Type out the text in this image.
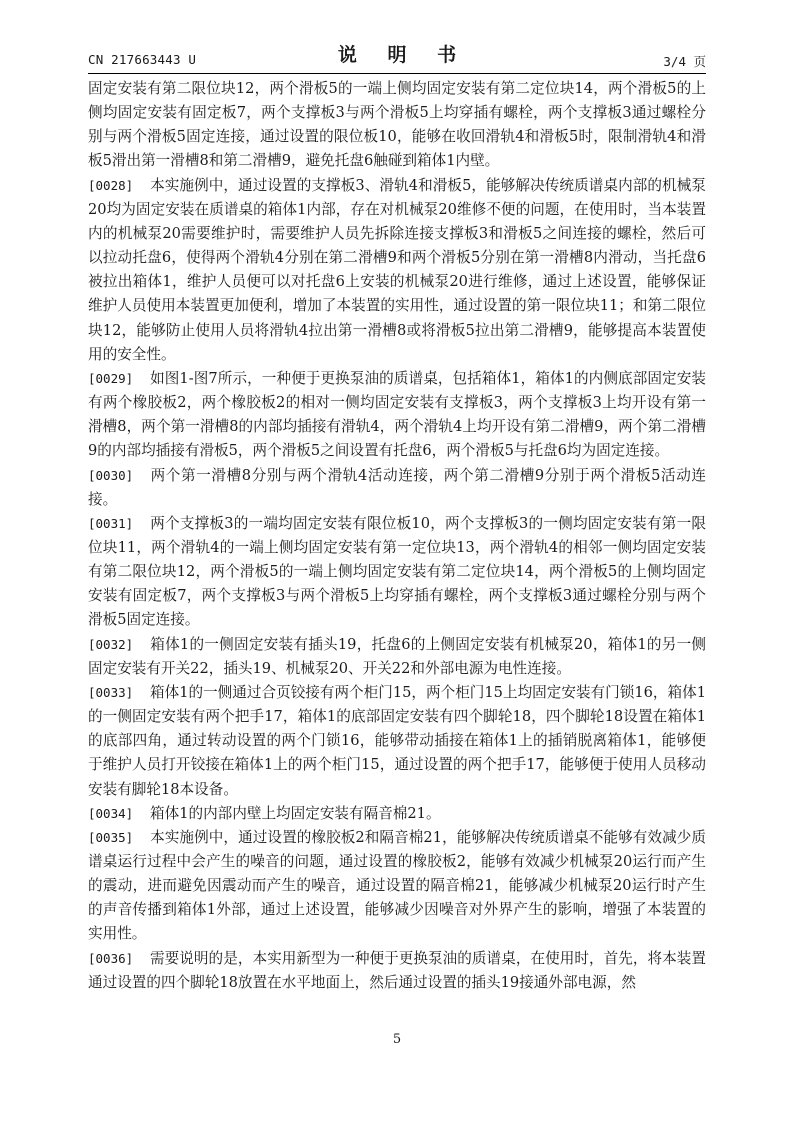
CN 217663443 U	说 明 书	3/4 页

固定安装有第二限位块12，两个滑板5的一端上侧均固定安装有第二定位块14，两个滑板5的上侧均固定安装有固定板7，两个支撑板3与两个滑板5上均穿插有螺栓，两个支撑板3通过螺栓分别与两个滑板5固定连接，通过设置的限位板10，能够在收回滑轨4和滑板5时，限制滑轨4和滑板5滑出第一滑槽8和第二滑槽9，避免托盘6触碰到箱体1内壁。

[0028] 本实施例中，通过设置的支撑板3、滑轨4和滑板5，能够解决传统质谱桌内部的机械泵20均为固定安装在质谱桌的箱体1内部，存在对机械泵20维修不便的问题，在使用时，当本装置内的机械泵20需要维护时，需要维护人员先拆除连接支撑板3和滑板5之间连接的螺栓，然后可以拉动托盘6，使得两个滑轨4分别在第二滑槽9和两个滑板5分别在第一滑槽8内滑动，当托盘6被拉出箱体1，维护人员便可以对托盘6上安装的机械泵20进行维修，通过上述设置，能够保证维护人员使用本装置更加便利，增加了本装置的实用性，通过设置的第一限位块11；和第二限位块12，能够防止使用人员将滑轨4拉出第一滑槽8或将滑板5拉出第二滑槽9，能够提高本装置使用的安全性。

[0029] 如图1-图7所示，一种便于更换泵油的质谱桌，包括箱体1，箱体1的内侧底部固定安装有两个橡胶板2，两个橡胶板2的相对一侧均固定安装有支撑板3，两个支撑板3上均开设有第一滑槽8，两个第一滑槽8的内部均插接有滑轨4，两个滑轨4上均开设有第二滑槽9，两个第二滑槽9的内部均插接有滑板5，两个滑板5之间设置有托盘6，两个滑板5与托盘6均为固定连接。

[0030] 两个第一滑槽8分别与两个滑轨4活动连接，两个第二滑槽9分别于两个滑板5活动连接。

[0031] 两个支撑板3的一端均固定安装有限位板10，两个支撑板3的一侧均固定安装有第一限位块11，两个滑轨4的一端上侧均固定安装有第一定位块13，两个滑轨4的相邻一侧均固定安装有第二限位块12，两个滑板5的一端上侧均固定安装有第二定位块14，两个滑板5的上侧均固定安装有固定板7，两个支撑板3与两个滑板5上均穿插有螺栓，两个支撑板3通过螺栓分别与两个滑板5固定连接。

[0032] 箱体1的一侧固定安装有插头19，托盘6的上侧固定安装有机械泵20，箱体1的另一侧固定安装有开关22，插头19、机械泵20、开关22和外部电源为电性连接。

[0033] 箱体1的一侧通过合页铰接有两个柜门15，两个柜门15上均固定安装有门锁16，箱体1的一侧固定安装有两个把手17，箱体1的底部固定安装有四个脚轮18，四个脚轮18设置在箱体1的底部四角，通过转动设置的两个门锁16，能够带动插接在箱体1上的插销脱离箱体1，能够便于维护人员打开铰接在箱体1上的两个柜门15，通过设置的两个把手17，能够便于使用人员移动安装有脚轮18本设备。

[0034] 箱体1的内部内壁上均固定安装有隔音棉21。

[0035] 本实施例中，通过设置的橡胶板2和隔音棉21，能够解决传统质谱桌不能够有效减少质谱桌运行过程中会产生的噪音的问题，通过设置的橡胶板2，能够有效减少机械泵20运行而产生的震动，进而避免因震动而产生的噪音，通过设置的隔音棉21，能够减少机械泵20运行时产生的声音传播到箱体1外部，通过上述设置，能够减少因噪音对外界产生的影响，增强了本装置的实用性。

[0036] 需要说明的是，本实用新型为一种便于更换泵油的质谱桌，在使用时，首先，将本装置通过设置的四个脚轮18放置在水平地面上，然后通过设置的插头19接通外部电源，然

5
